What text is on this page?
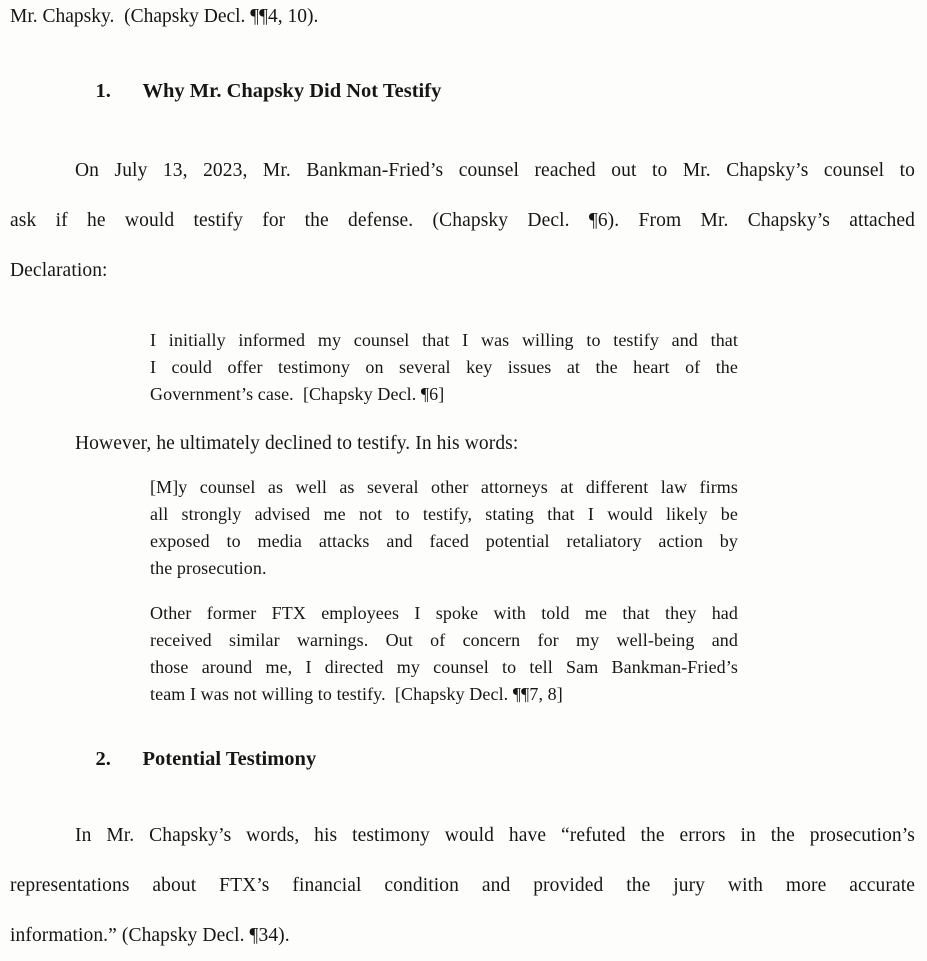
Mr. Chapsky.  (Chapsky Decl. ¶¶4, 10).

1. Why Mr. Chapsky Did Not Testify

On July 13, 2023, Mr. Bankman-Fried’s counsel reached out to Mr. Chapsky’s counsel to
ask if he would testify for the defense. (Chapsky Decl. ¶6). From Mr. Chapsky’s attached
Declaration:
I initially informed my counsel that I was willing to testify and that
I could offer testimony on several key issues at the heart of the
Government’s case.  [Chapsky Decl. ¶6]
However, he ultimately declined to testify. In his words:
[M]y counsel as well as several other attorneys at different law firms
all strongly advised me not to testify, stating that I would likely be
exposed to media attacks and faced potential retaliatory action by
the prosecution.
Other former FTX employees I spoke with told me that they had
received similar warnings. Out of concern for my well-being and
those around me, I directed my counsel to tell Sam Bankman-Fried’s
team I was not willing to testify.  [Chapsky Decl. ¶¶7, 8]

2. Potential Testimony

In Mr. Chapsky’s words, his testimony would have “refuted the errors in the prosecution’s
representations about FTX’s financial condition and provided the jury with more accurate
information.” (Chapsky Decl. ¶34).
